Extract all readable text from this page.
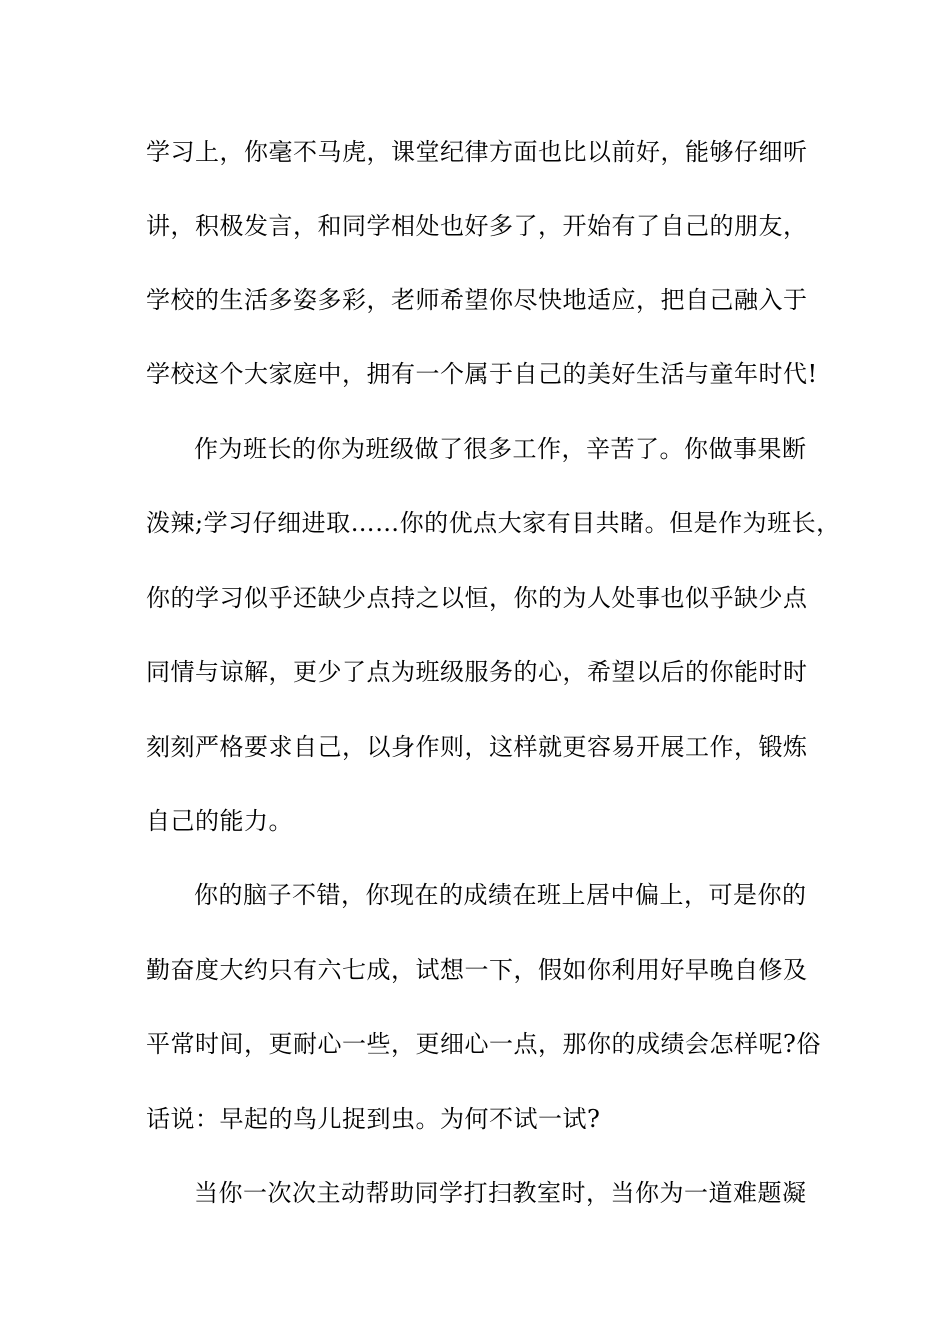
学习上，你毫不马虎，课堂纪律方面也比以前好，能够仔细听
讲，积极发言，和同学相处也好多了，开始有了自己的朋友，
学校的生活多姿多彩，老师希望你尽快地适应，把自己融入于
学校这个大家庭中，拥有一个属于自己的美好生活与童年时代!
作为班长的你为班级做了很多工作，辛苦了。你做事果断
泼辣;学习仔细进取……你的优点大家有目共睹。但是作为班长，
你的学习似乎还缺少点持之以恒，你的为人处事也似乎缺少点
同情与谅解，更少了点为班级服务的心，希望以后的你能时时
刻刻严格要求自己，以身作则，这样就更容易开展工作，锻炼
自己的能力。
你的脑子不错，你现在的成绩在班上居中偏上，可是你的
勤奋度大约只有六七成，试想一下，假如你利用好早晚自修及
平常时间，更耐心一些，更细心一点，那你的成绩会怎样呢?俗
话说：早起的鸟儿捉到虫。为何不试一试?
当你一次次主动帮助同学打扫教室时，当你为一道难题凝
